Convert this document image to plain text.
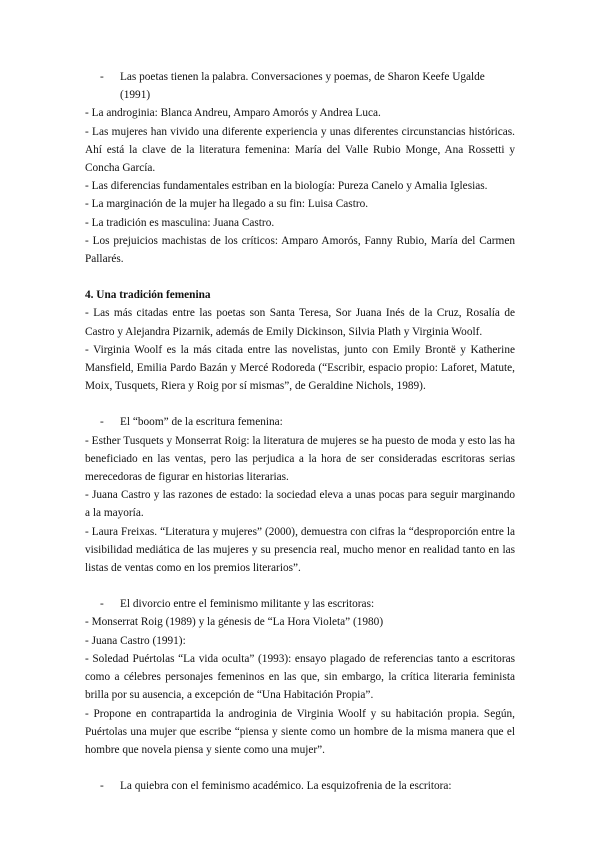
-	Las poetas tienen la palabra. Conversaciones y poemas, de Sharon Keefe Ugalde (1991)

- La androginia: Blanca Andreu, Amparo Amorós y Andrea Luca.

- Las mujeres han vivido una diferente experiencia y unas diferentes circunstancias históricas. Ahí está la clave de la literatura femenina: María del Valle Rubio Monge, Ana Rossetti y Concha García.

- Las diferencias fundamentales estriban en la biología: Pureza Canelo y Amalia Iglesias.

- La marginación de la mujer ha llegado a su fin: Luisa Castro.

- La tradición es masculina: Juana Castro.

- Los prejuicios machistas de los críticos: Amparo Amorós, Fanny Rubio, María del Carmen Pallarés.

4. Una tradición femenina

- Las más citadas entre las poetas son Santa Teresa, Sor Juana Inés de la Cruz, Rosalía de Castro y Alejandra Pizarnik, además de Emily Dickinson, Silvia Plath y Virginia Woolf.

- Virginia Woolf es la más citada entre las novelistas, junto con Emily Brontë y Katherine Mansfield, Emilia Pardo Bazán y Mercé Rodoreda (“Escribir, espacio propio: Laforet, Matute, Moix, Tusquets, Riera y Roig por sí mismas”, de Geraldine Nichols, 1989).

-	El “boom” de la escritura femenina:

- Esther Tusquets y Monserrat Roig: la literatura de mujeres se ha puesto de moda y esto las ha beneficiado en las ventas, pero las perjudica a la hora de ser consideradas escritoras serias merecedoras de figurar en historias literarias.

- Juana Castro y las razones de estado: la sociedad eleva a unas pocas para seguir marginando a la mayoría.

- Laura Freixas. “Literatura y mujeres” (2000), demuestra con cifras la “desproporción entre la visibilidad mediática de las mujeres y su presencia real, mucho menor en realidad tanto en las listas de ventas como en los premios literarios”.

-	El divorcio entre el feminismo militante y las escritoras:

- Monserrat Roig (1989) y la génesis de “La Hora Violeta” (1980)

- Juana Castro (1991):

- Soledad Puértolas “La vida oculta” (1993): ensayo plagado de referencias tanto a escritoras como a célebres personajes femeninos en las que, sin embargo, la crítica literaria feminista brilla por su ausencia, a excepción de “Una Habitación Propia”.

- Propone en contrapartida la androginia de Virginia Woolf y su habitación propia. Según, Puértolas una mujer que escribe “piensa y siente como un hombre de la misma manera que el hombre que novela piensa y siente como una mujer”.

-	La quiebra con el feminismo académico. La esquizofrenia de la escritora:
